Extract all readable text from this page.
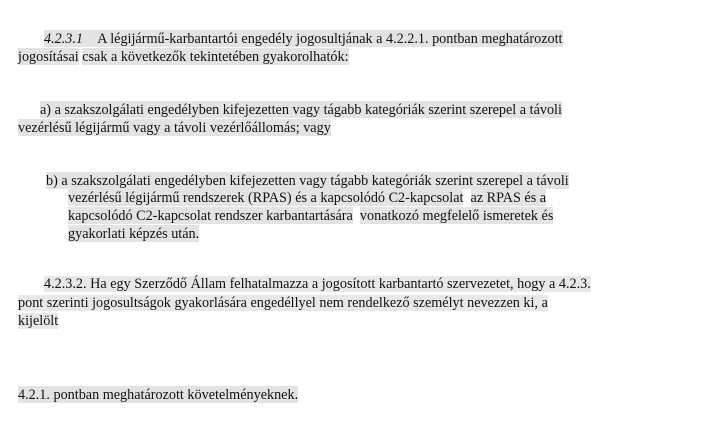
4.2.3.1 A légijármű-karbantartói engedély jogosultjának a 4.2.2.1. pontban meghatározott
jogosításai csak a következők tekintetében gyakorolhatók:
a) a szakszolgálati engedélyben kifejezetten vagy tágabb kategóriák szerint szerepel a távoli
vezérlésű légijármű vagy a távoli vezérlőállomás; vagy
b) a szakszolgálati engedélyben kifejezetten vagy tágabb kategóriák szerint szerepel a távoli
vezérlésű légijármű rendszerek (RPAS) és a kapcsolódó C2-kapcsolat az RPAS és a
kapcsolódó C2-kapcsolat rendszer karbantartására vonatkozó megfelelő ismeretek és
gyakorlati képzés után.
4.2.3.2. Ha egy Szerződő Állam felhatalmazza a jogosított karbantartó szervezetet, hogy a 4.2.3.
pont szerinti jogosultságok gyakorlására engedéllyel nem rendelkező személyt nevezzen ki, a
kijelölt
4.2.1. pontban meghatározott követelményeknek.
